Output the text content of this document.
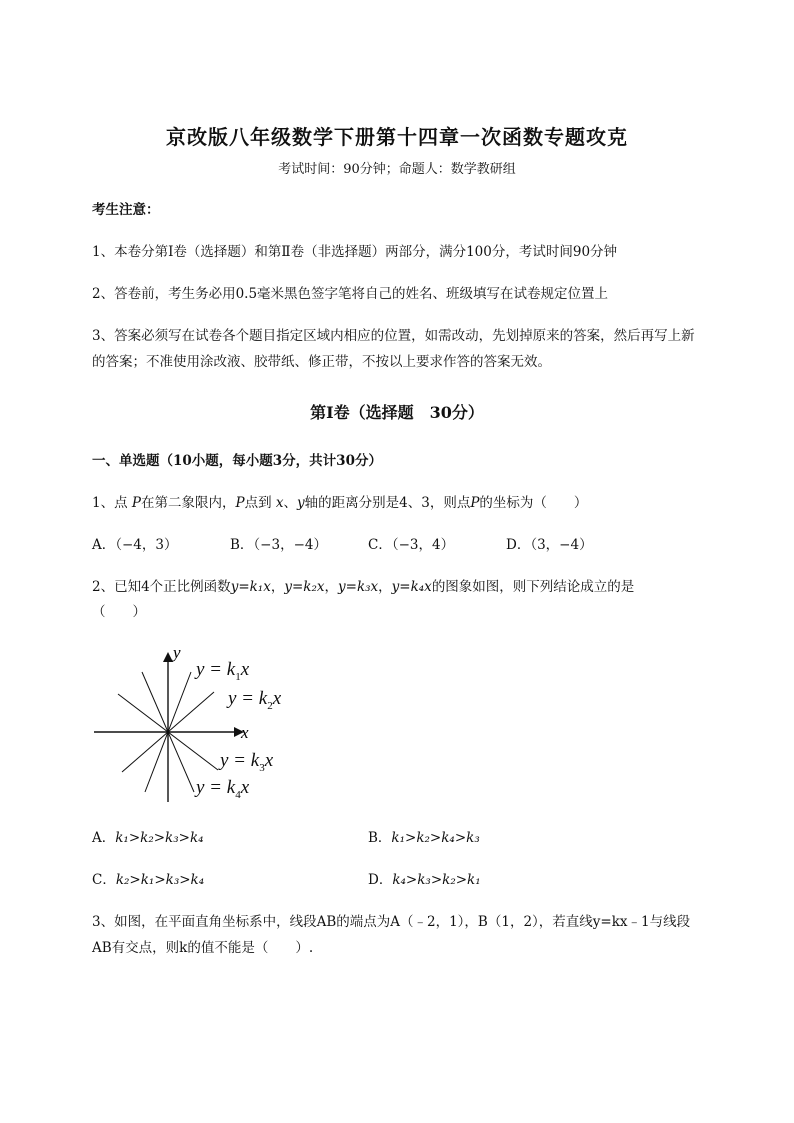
京改版八年级数学下册第十四章一次函数专题攻克
考试时间：90分钟；命题人：数学教研组
考生注意：
1、本卷分第I卷（选择题）和第Ⅱ卷（非选择题）两部分，满分100分，考试时间90分钟
2、答卷前，考生务必用0.5毫米黑色签字笔将自己的姓名、班级填写在试卷规定位置上
3、答案必须写在试卷各个题目指定区域内相应的位置，如需改动，先划掉原来的答案，然后再写上新
的答案；不准使用涂改液、胶带纸、修正带，不按以上要求作答的答案无效。
第I卷（选择题　30分）
一、单选题（10小题，每小题3分，共计30分）
1、点 P在第二象限内，P点到 x、y轴的距离分别是4、3，则点P的坐标为（　　）
A．（−4，3）	B．（−3，−4）	C．（−3，4）	D．（3，−4）
2、已知4个正比例函数y=k₁x，y=k₂x，y=k₃x，y=k₄x的图象如图，则下列结论成立的是
（　　）
y
x
$y = k_1x$
$y = k_2x$
$y = k_3x$
$y = k_4x$
A．k₁>k₂>k₃>k₄	B．k₁>k₂>k₄>k₃
C．k₂>k₁>k₃>k₄	D．k₄>k₃>k₂>k₁
3、如图，在平面直角坐标系中，线段AB的端点为A（﹣2，1），B（1，2），若直线y=kx﹣1与线段
AB有交点，则k的值不能是（　　）.
